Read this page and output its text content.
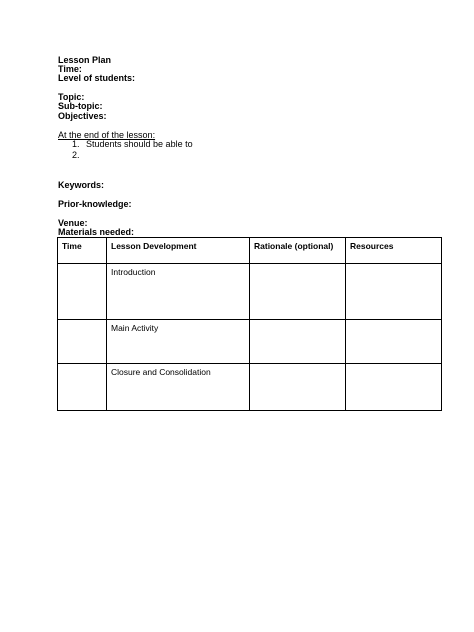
Lesson Plan
Time:
Level of students:
Topic:
Sub-topic:
Objectives:
At the end of the lesson:
1. Students should be able to
2.
Keywords:
Prior-knowledge:
Venue:
Materials needed:
Time	Lesson Development	Rationale (optional)	Resources
	Introduction		
	Main Activity		
	Closure and Consolidation		
